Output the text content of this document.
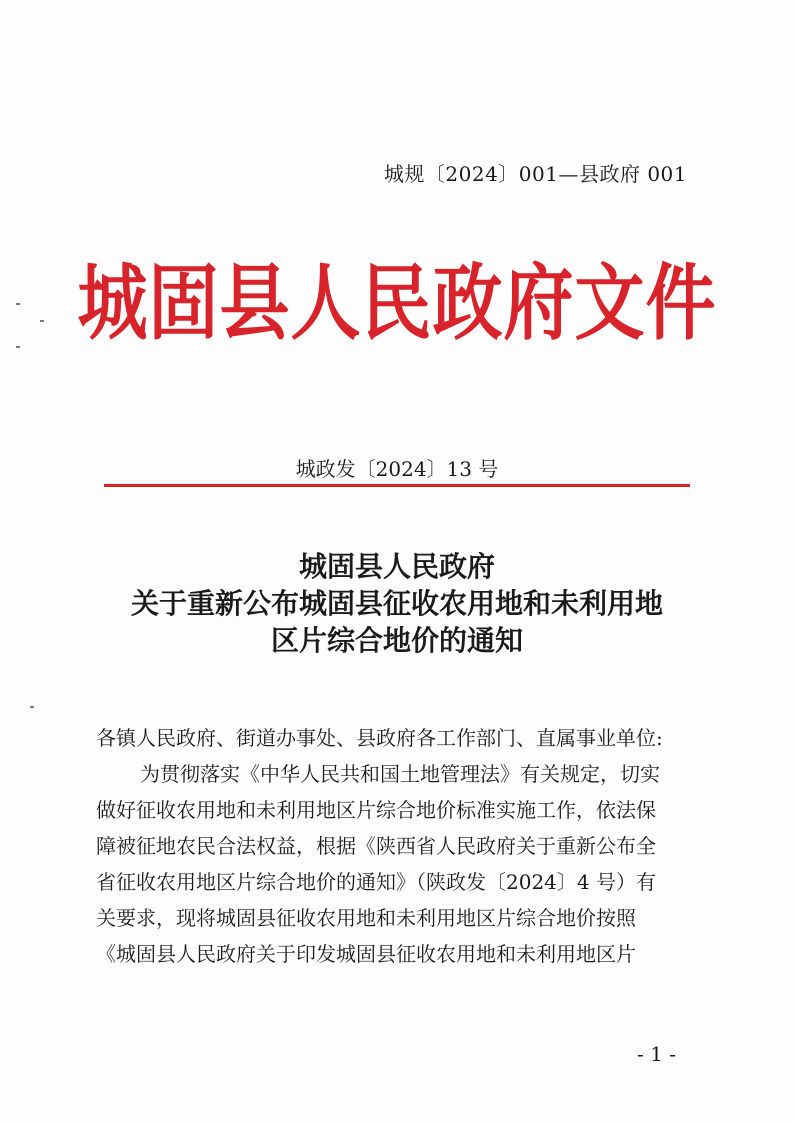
城规〔2024〕001—县政府 001
城固县人民政府文件
城政发〔2024〕13 号
城固县人民政府
关于重新公布城固县征收农用地和未利用地
区片综合地价的通知

各镇人民政府、街道办事处、县政府各工作部门、直属事业单位:

为贯彻落实《中华人民共和国土地管理法》有关规定，切实

做好征收农用地和未利用地区片综合地价标准实施工作，依法保

障被征地农民合法权益，根据《陕西省人民政府关于重新公布全

省征收农用地区片综合地价的通知》（陕政发〔2024〕4 号）有

关要求，现将城固县征收农用地和未利用地区片综合地价按照

《城固县人民政府关于印发城固县征收农用地和未利用地区片

- 1 -
